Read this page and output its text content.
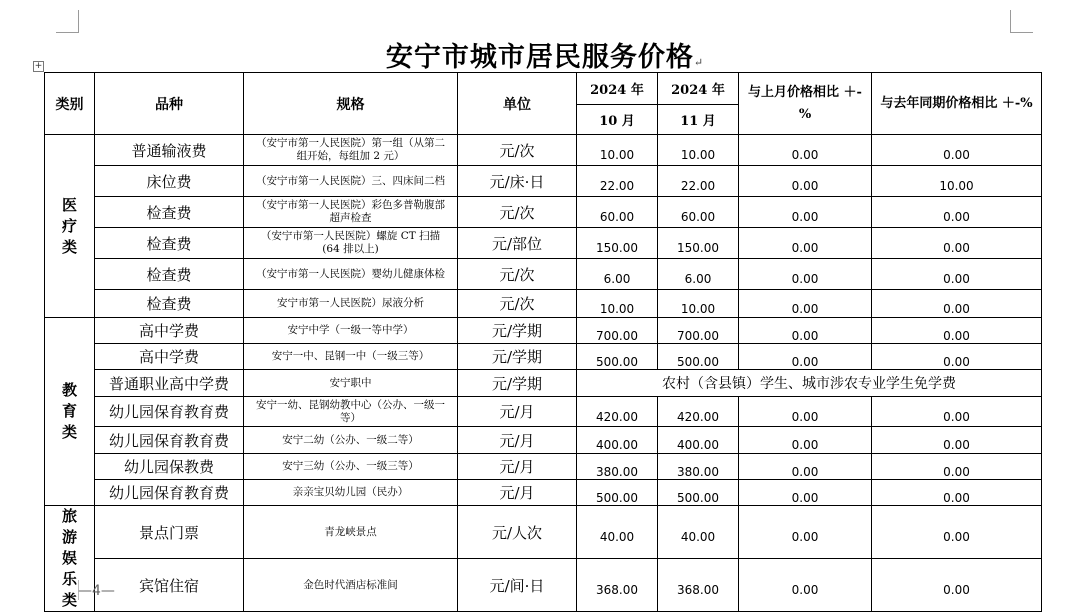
+	安宁市城市居民服务价格↵
类别	品种	规格	单位	2024 年	2024 年	与上月价格相比 ＋-%	与去年同期价格相比 ＋-%
				10 月	11 月		
医疗类	普通输液费	（安宁市第一人民医院）第一组（从第二组开始，每组加 2 元）	元/次	10.00	10.00	0.00	0.00
	床位费	（安宁市第一人民医院）三、四床间二档	元/床·日	22.00	22.00	0.00	10.00
	检查费	（安宁市第一人民医院）彩色多普勒腹部超声检查	元/次	60.00	60.00	0.00	0.00
	检查费	（安宁市第一人民医院）螺旋 CT 扫描(64 排以上)	元/部位	150.00	150.00	0.00	0.00
	检查费	（安宁市第一人民医院）婴幼儿健康体检	元/次	6.00	6.00	0.00	0.00
	检查费	安宁市第一人民医院）尿液分析	元/次	10.00	10.00	0.00	0.00
教育类	高中学费	安宁中学（一级一等中学）	元/学期	700.00	700.00	0.00	0.00
	高中学费	安宁一中、昆钢一中（一级三等）	元/学期	500.00	500.00	0.00	0.00
	普通职业高中学费	安宁职中	元/学期	农村（含县镇）学生、城市涉农专业学生免学费			
	幼儿园保育教育费	安宁一幼、昆钢幼教中心（公办、一级一等）	元/月	420.00	420.00	0.00	0.00
	幼儿园保育教育费	安宁二幼（公办、一级二等）	元/月	400.00	400.00	0.00	0.00
	幼儿园保教费	安宁三幼（公办、一级三等）	元/月	380.00	380.00	0.00	0.00
	幼儿园保育教育费	亲亲宝贝幼儿园（民办）	元/月	500.00	500.00	0.00	0.00
旅游娱乐类	景点门票	青龙峡景点	元/人次	40.00	40.00	0.00	0.00
	宾馆住宿	金色时代酒店标准间	元/间·日	368.00	368.00	0.00	0.00
—4—
